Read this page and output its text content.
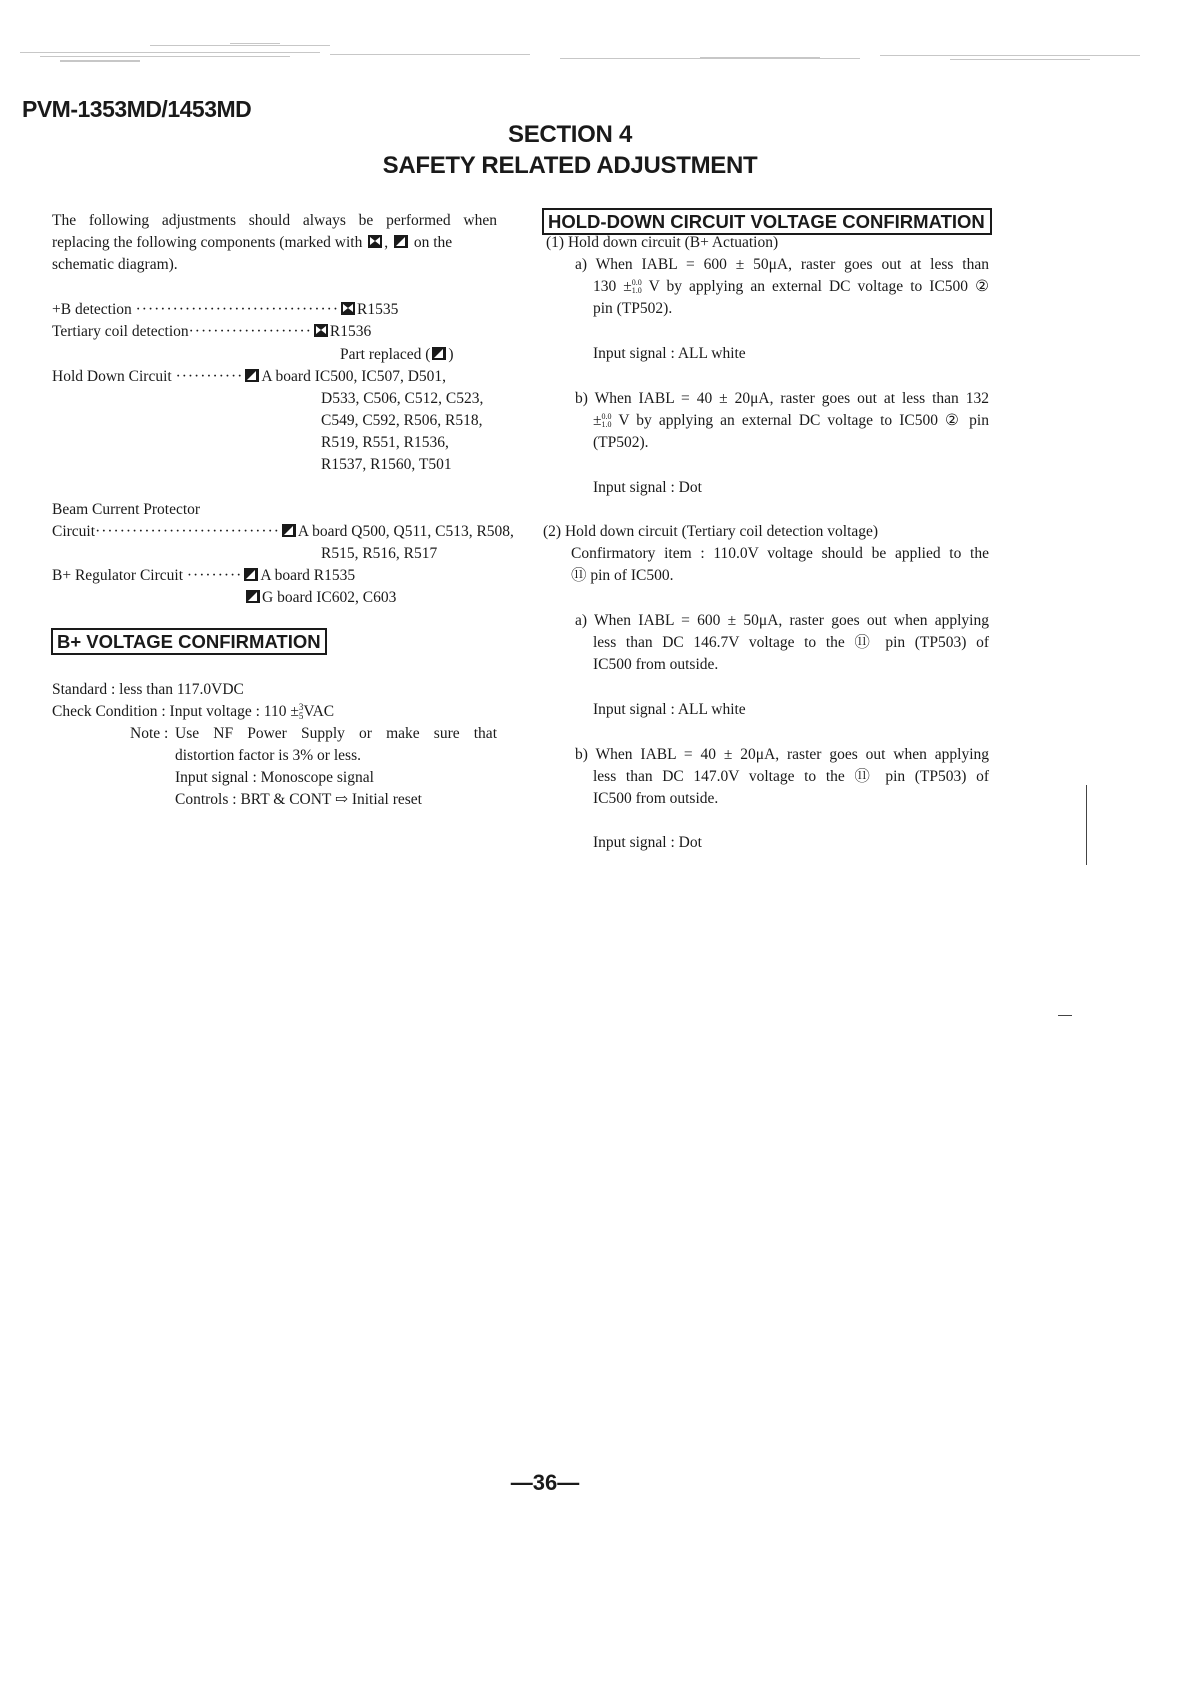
PVM-1353MD/1453MD
SECTION 4
SAFETY RELATED ADJUSTMENT
The following adjustments should always be performed when
replacing the following components (marked with ,  on the
schematic diagram).
+B detection ································· R1535
Tertiary coil detection···················· R1536
Part replaced ( )
Hold Down Circuit ··········· A board IC500, IC507, D501,
D533, C506, C512, C523,
C549, C592, R506, R518,
R519, R551, R1536,
R1537, R1560, T501
Beam Current Protector
Circuit······························ A board Q500, Q511, C513, R508,
R515, R516, R517
B+ Regulator Circuit ········· A board R1535
G board IC602, C603
B+ VOLTAGE CONFIRMATION
Standard : less than 117.0VDC
Check Condition : Input voltage : 110 ±3
5VAC
Note : Use NF Power Supply or make sure that
distortion factor is 3% or less.
Input signal : Monoscope signal
Controls : BRT & CONT ⇨ Initial reset
HOLD-DOWN CIRCUIT VOLTAGE CONFIRMATION
(1) Hold down circuit (B+ Actuation)
a) When IABL = 600 ± 50μA, raster goes out at less than
130 ±0.0
1.0 V by applying an external DC voltage to IC500 ②
pin (TP502).
Input signal : ALL white
b) When IABL = 40 ± 20μA, raster goes out at less than 132
±0.0
1.0 V by applying an external DC voltage to IC500 ② pin
(TP502).
Input signal : Dot
(2) Hold down circuit (Tertiary coil detection voltage)
Confirmatory item : 110.0V voltage should be applied to the
⑪ pin of IC500.
a) When IABL = 600 ± 50μA, raster goes out when applying
less than DC 146.7V voltage to the ⑪ pin (TP503) of
IC500 from outside.
Input signal : ALL white
b) When IABL = 40 ± 20μA, raster goes out when applying
less than DC 147.0V voltage to the ⑪ pin (TP503) of
IC500 from outside.
Input signal : Dot
—36—
